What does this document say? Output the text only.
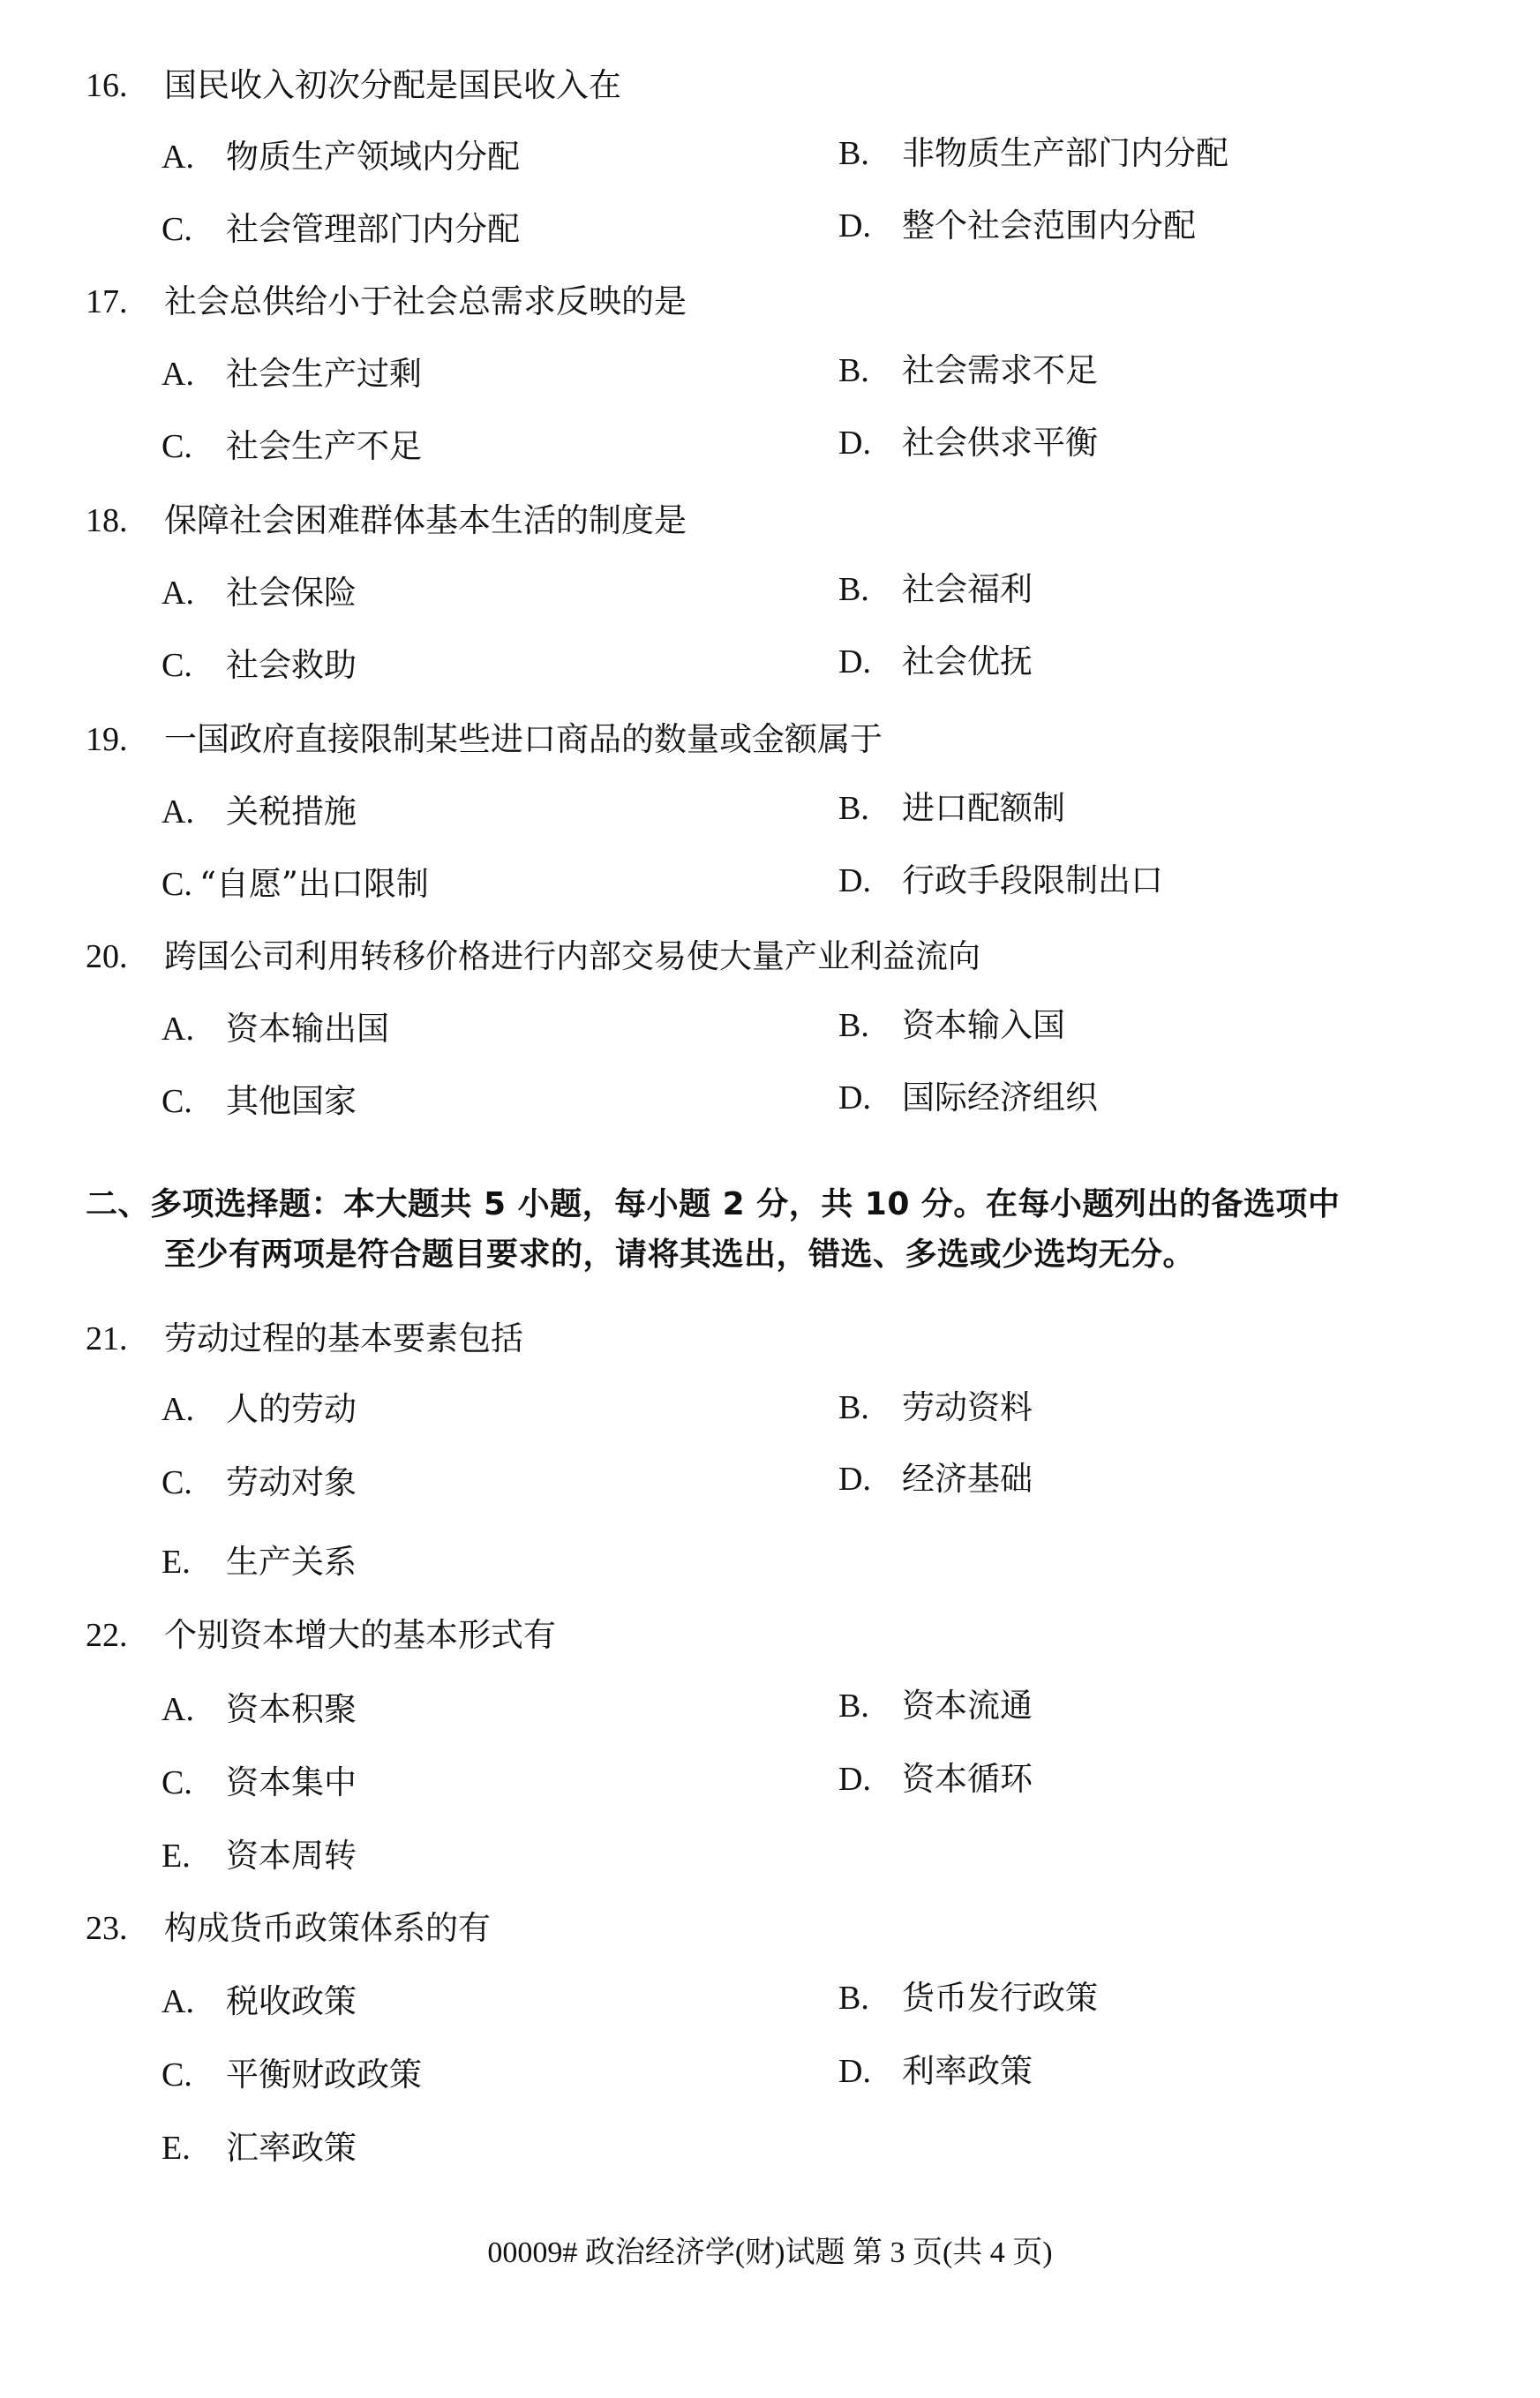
16. 国民收入初次分配是国民收入在
A. 物质生产领域内分配	B. 非物质生产部门内分配
C. 社会管理部门内分配	D. 整个社会范围内分配
17. 社会总供给小于社会总需求反映的是
A. 社会生产过剩	B. 社会需求不足
C. 社会生产不足	D. 社会供求平衡
18. 保障社会困难群体基本生活的制度是
A. 社会保险	B. 社会福利
C. 社会救助	D. 社会优抚
19. 一国政府直接限制某些进口商品的数量或金额属于
A. 关税措施	B. 进口配额制
C. “自愿”出口限制	D. 行政手段限制出口
20. 跨国公司利用转移价格进行内部交易使大量产业利益流向
A. 资本输出国	B. 资本输入国
C. 其他国家	D. 国际经济组织
二、多项选择题：本大题共 5 小题，每小题 2 分，共 10 分。在每小题列出的备选项中
至少有两项是符合题目要求的，请将其选出，错选、多选或少选均无分。
21. 劳动过程的基本要素包括
A. 人的劳动	B. 劳动资料
C. 劳动对象	D. 经济基础
E. 生产关系
22. 个别资本增大的基本形式有
A. 资本积聚	B. 资本流通
C. 资本集中	D. 资本循环
E. 资本周转
23. 构成货币政策体系的有
A. 税收政策	B. 货币发行政策
C. 平衡财政政策	D. 利率政策
E. 汇率政策
00009# 政治经济学(财)试题 第 3 页(共 4 页)
